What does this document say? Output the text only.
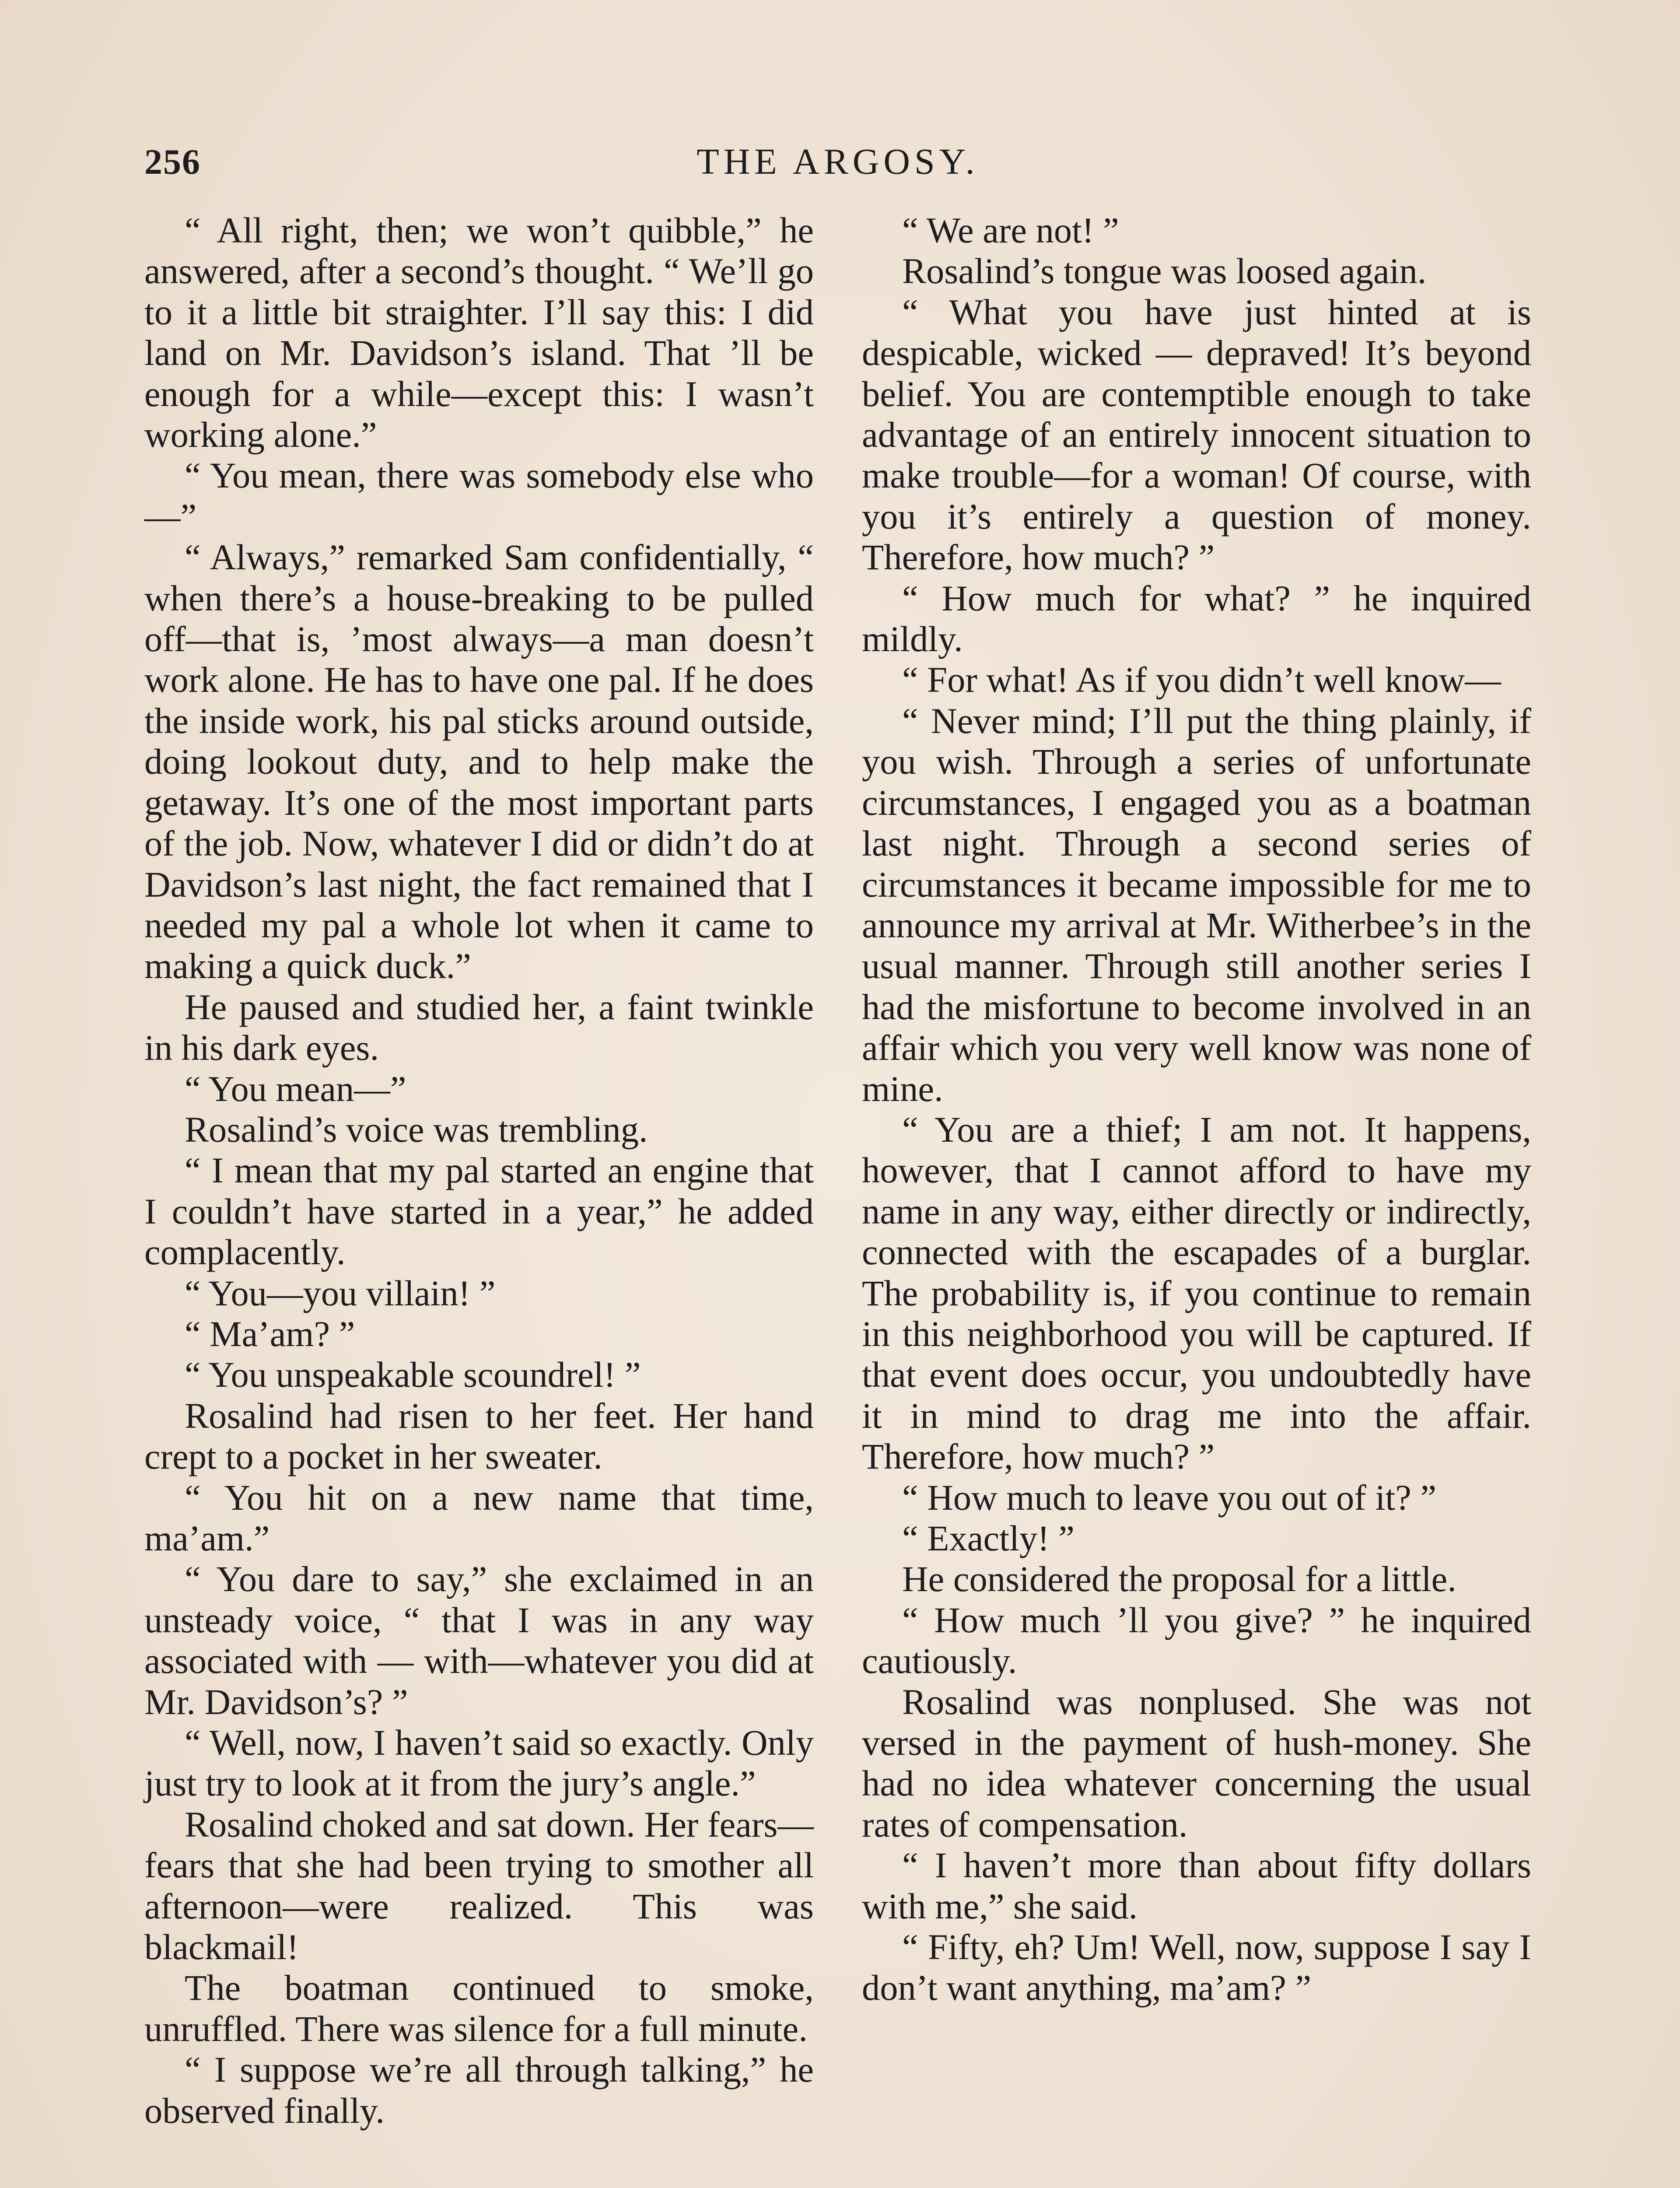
256	THE ARGOSY.

“ All right, then; we won’t quibble,” he answered, after a second’s thought. “ We’ll go to it a little bit straighter. I’ll say this: I did land on Mr. Davidson’s island. That ’ll be enough for a while—except this: I wasn’t working alone.”

“ You mean, there was somebody else who—”

“ Always,” remarked Sam confidentially, “ when there’s a house-breaking to be pulled off—that is, ’most always—a man doesn’t work alone. He has to have one pal. If he does the inside work, his pal sticks around outside, doing lookout duty, and to help make the getaway. It’s one of the most important parts of the job. Now, whatever I did or didn’t do at Davidson’s last night, the fact remained that I needed my pal a whole lot when it came to making a quick duck.”

He paused and studied her, a faint twinkle in his dark eyes.

“ You mean—”

Rosalind’s voice was trembling.

“ I mean that my pal started an engine that I couldn’t have started in a year,” he added complacently.

“ You—you villain! ”

“ Ma’am? ”

“ You unspeakable scoundrel! ”

Rosalind had risen to her feet. Her hand crept to a pocket in her sweater.

“ You hit on a new name that time, ma’am.”

“ You dare to say,” she exclaimed in an unsteady voice, “ that I was in any way associated with — with—whatever you did at Mr. Davidson’s? ”

“ Well, now, I haven’t said so exactly. Only just try to look at it from the jury’s angle.”

Rosalind choked and sat down. Her fears—fears that she had been trying to smother all afternoon—were realized. This was blackmail!

The boatman continued to smoke, unruffled. There was silence for a full minute.

“ I suppose we’re all through talking,” he observed finally.

“ We are not! ”

Rosalind’s tongue was loosed again.

“ What you have just hinted at is despicable, wicked — depraved! It’s beyond belief. You are contemptible enough to take advantage of an entirely innocent situation to make trouble—for a woman! Of course, with you it’s entirely a question of money. Therefore, how much? ”

“ How much for what? ” he inquired mildly.

“ For what! As if you didn’t well know—

“ Never mind; I’ll put the thing plainly, if you wish. Through a series of unfortunate circumstances, I engaged you as a boatman last night. Through a second series of circumstances it became impossible for me to announce my arrival at Mr. Witherbee’s in the usual manner. Through still another series I had the misfortune to become involved in an affair which you very well know was none of mine.

“ You are a thief; I am not. It happens, however, that I cannot afford to have my name in any way, either directly or indirectly, connected with the escapades of a burglar. The probability is, if you continue to remain in this neighborhood you will be captured. If that event does occur, you undoubtedly have it in mind to drag me into the affair. Therefore, how much? ”

“ How much to leave you out of it? ”

“ Exactly! ”

He considered the proposal for a little.

“ How much ’ll you give? ” he inquired cautiously.

Rosalind was nonplused. She was not versed in the payment of hush-money. She had no idea whatever concerning the usual rates of compensation.

“ I haven’t more than about fifty dollars with me,” she said.

“ Fifty, eh? Um! Well, now, suppose I say I don’t want anything, ma’am? ”
